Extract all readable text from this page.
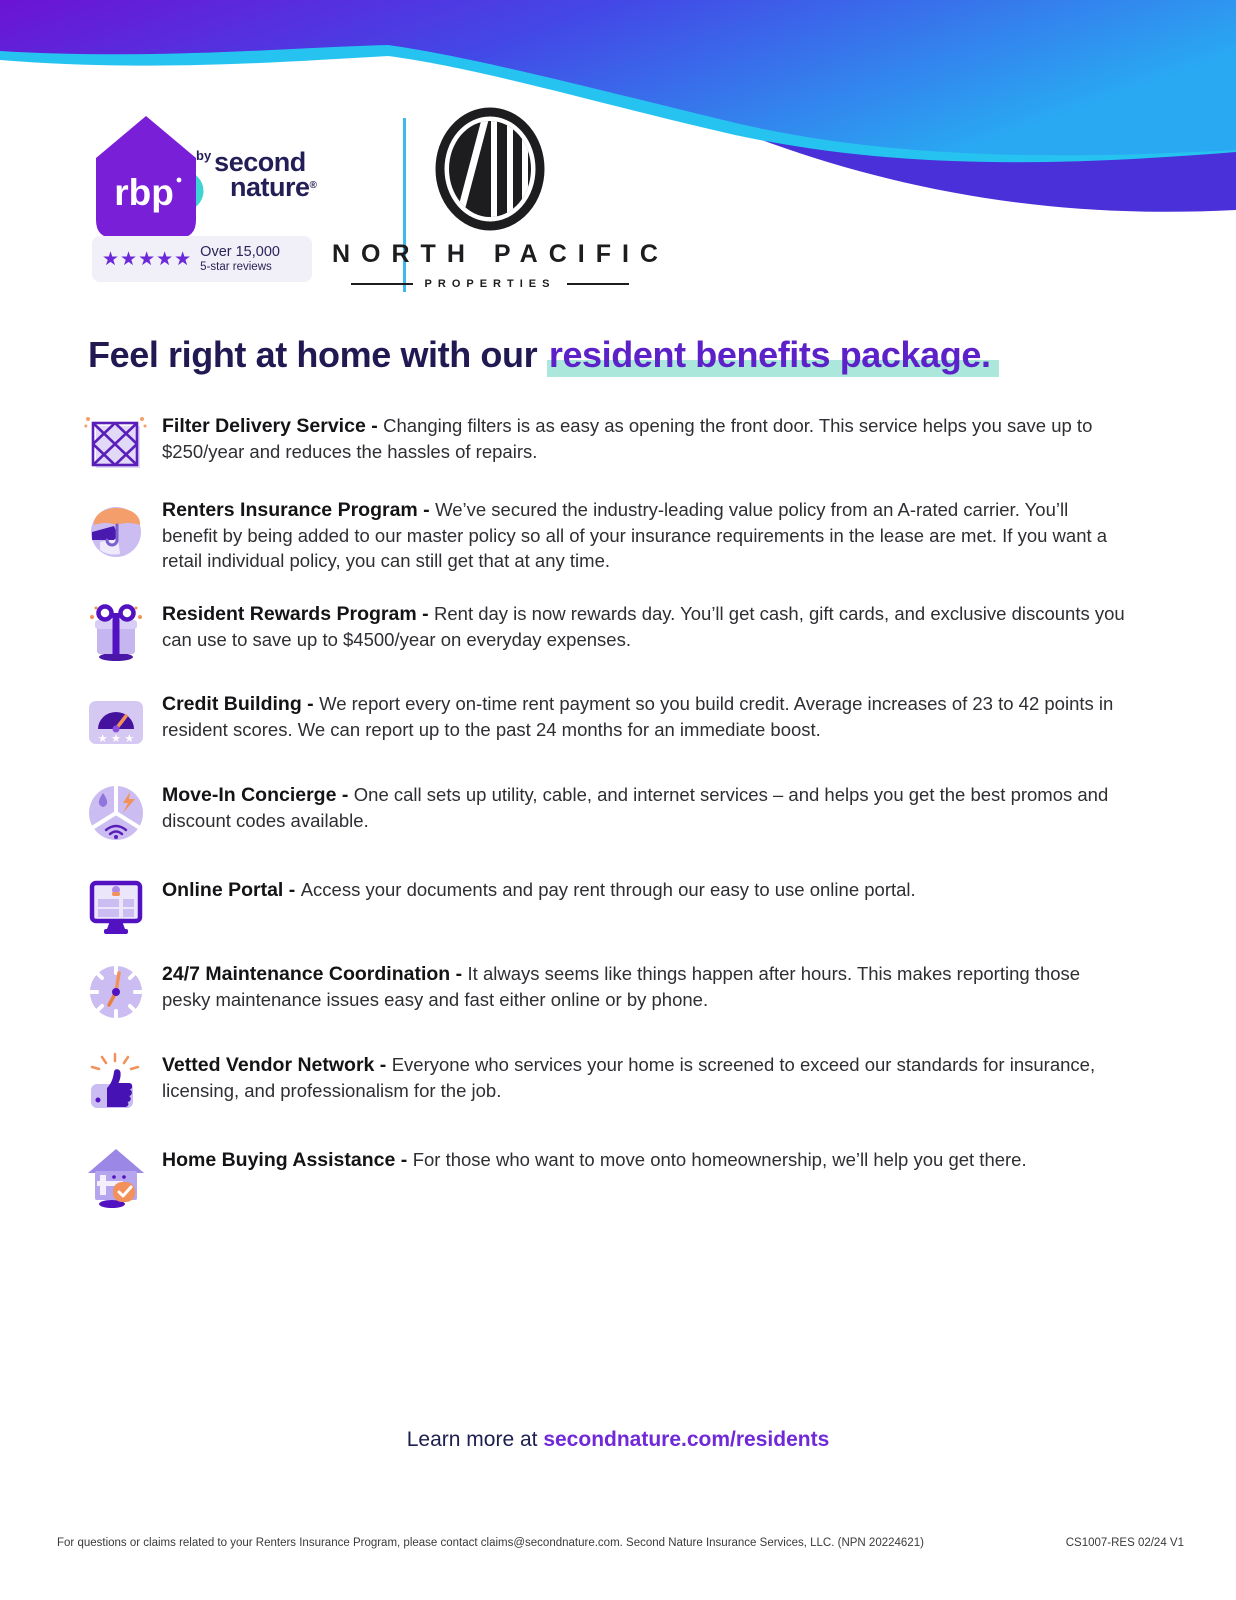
rbp
$^{by}$ second
nature®
★★★★★ Over 15,000
5-star reviews	NORTH PACIFIC
PROPERTIES
Feel right at home with our resident benefits package.
Filter Delivery Service - Changing filters is as easy as opening the front door. This service helps you save up to $250/year and reduces the hassles of repairs.
Renters Insurance Program - We’ve secured the industry-leading value policy from an A-rated carrier. You’ll benefit by being added to our master policy so all of your insurance requirements in the lease are met. If you want a retail individual policy, you can still get that at any time.
Resident Rewards Program - Rent day is now rewards day. You’ll get cash, gift cards, and exclusive discounts you can use to save up to $4500/year on everyday expenses.
★ ★ ★
Credit Building - We report every on-time rent payment so you build credit. Average increases of 23 to 42 points in resident scores. We can report up to the past 24 months for an immediate boost.
Move-In Concierge - One call sets up utility, cable, and internet services – and helps you get the best promos and discount codes available.
Online Portal - Access your documents and pay rent through our easy to use online portal.
24/7 Maintenance Coordination - It always seems like things happen after hours. This makes reporting those pesky maintenance issues easy and fast either online or by phone.
Vetted Vendor Network - Everyone who services your home is screened to exceed our standards for insurance, licensing, and professionalism for the job.
Home Buying Assistance - For those who want to move onto homeownership, we’ll help you get there.
Learn more at secondnature.com/residents
For questions or claims related to your Renters Insurance Program, please contact claims@secondnature.com. Second Nature Insurance Services, LLC. (NPN 20224621)	CS1007-RES 02/24 V1
